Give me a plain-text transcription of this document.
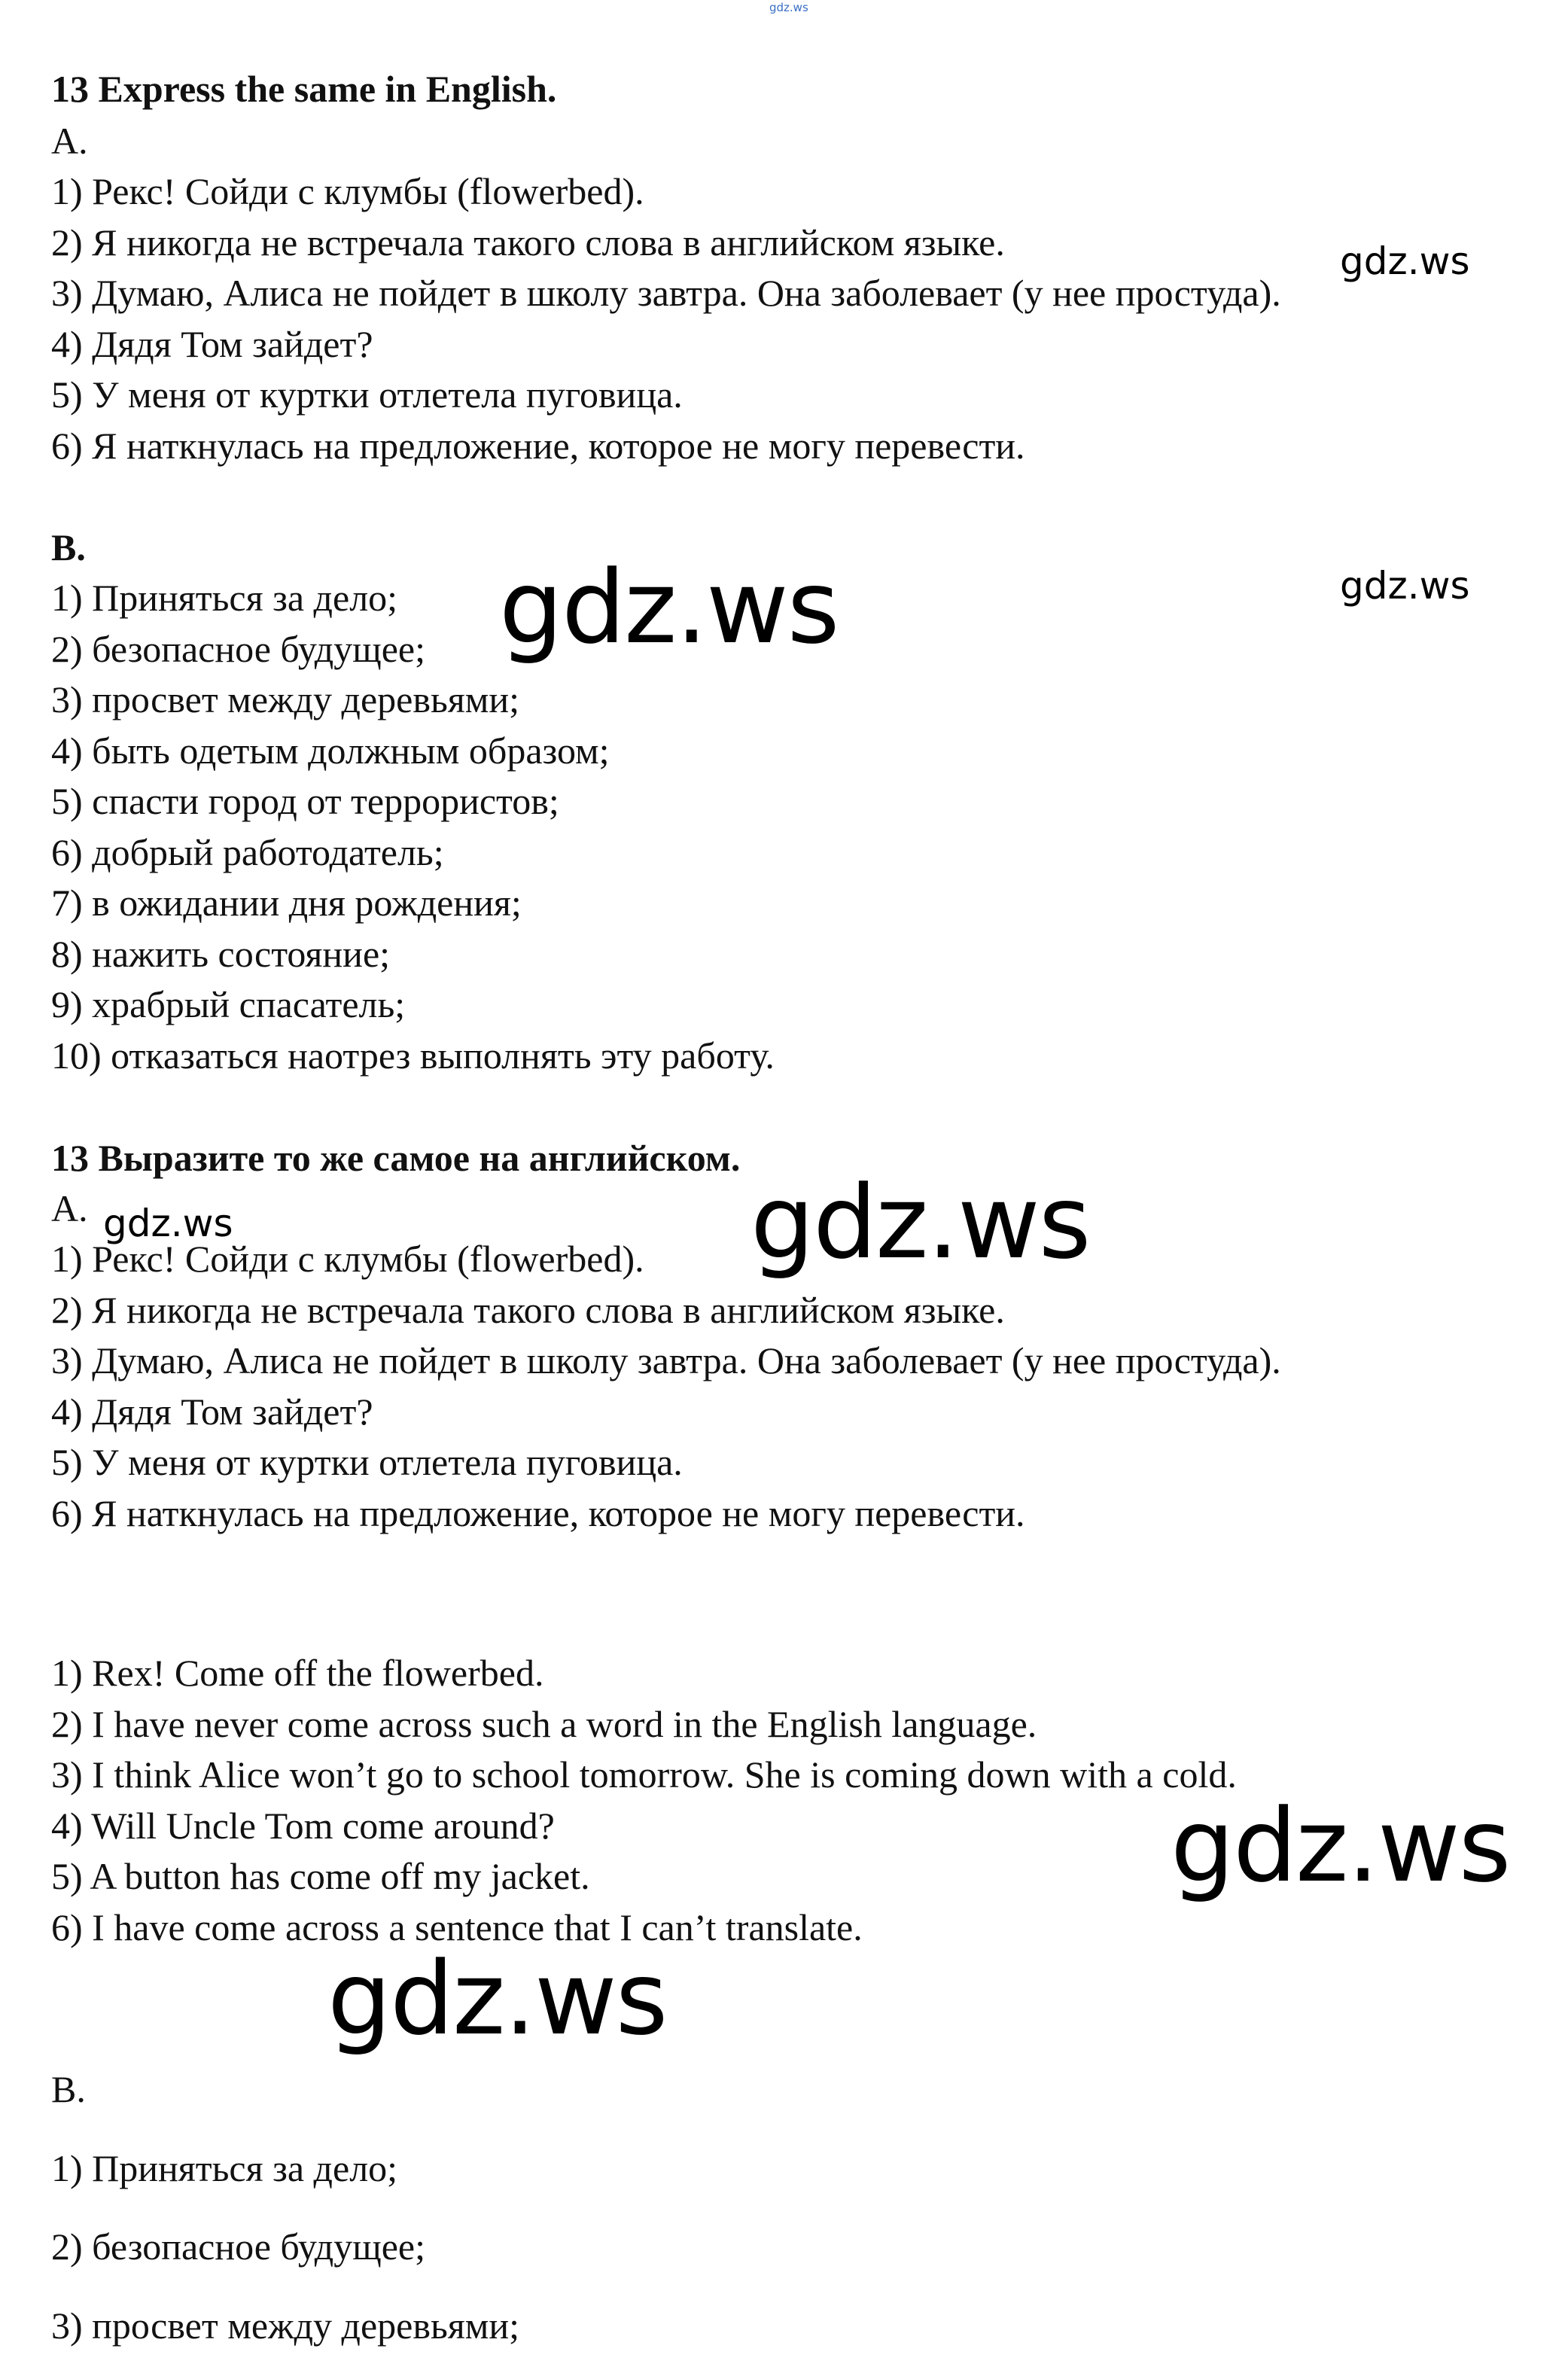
gdz.ws
13 Express the same in English.
A.
1) Рекс! Сойди с клумбы (flowerbed).
2) Я никогда не встречала такого слова в английском языке.
3) Думаю, Алиса не пойдет в школу завтра. Она заболевает (у нее простуда).
4) Дядя Том зайдет?
5) У меня от куртки отлетела пуговица.
6) Я наткнулась на предложение, которое не могу перевести.
B.
1) Приняться за дело;
2) безопасное будущее;
3) просвет между деревьями;
4) быть одетым должным образом;
5) спасти город от террористов;
6) добрый работодатель;
7) в ожидании дня рождения;
8) нажить состояние;
9) храбрый спасатель;
10) отказаться наотрез выполнять эту работу.
13 Выразите то же самое на английском.
A.
1) Рекс! Сойди с клумбы (flowerbed).
2) Я никогда не встречала такого слова в английском языке.
3) Думаю, Алиса не пойдет в школу завтра. Она заболевает (у нее простуда).
4) Дядя Том зайдет?
5) У меня от куртки отлетела пуговица.
6) Я наткнулась на предложение, которое не могу перевести.
1) Rex! Come off the flowerbed.
2) I have never come across such a word in the English language.
3) I think Alice won’t go to school tomorrow. She is coming down with a cold.
4) Will Uncle Tom come around?
5) A button has come off my jacket.
6) I have come across a sentence that I can’t translate.
B.
1) Приняться за дело;
2) безопасное будущее;
3) просвет между деревьями;
gdz.ws
gdz.ws
gdz.ws
gdz.ws	gdz.ws
gdz.ws
gdz.ws
